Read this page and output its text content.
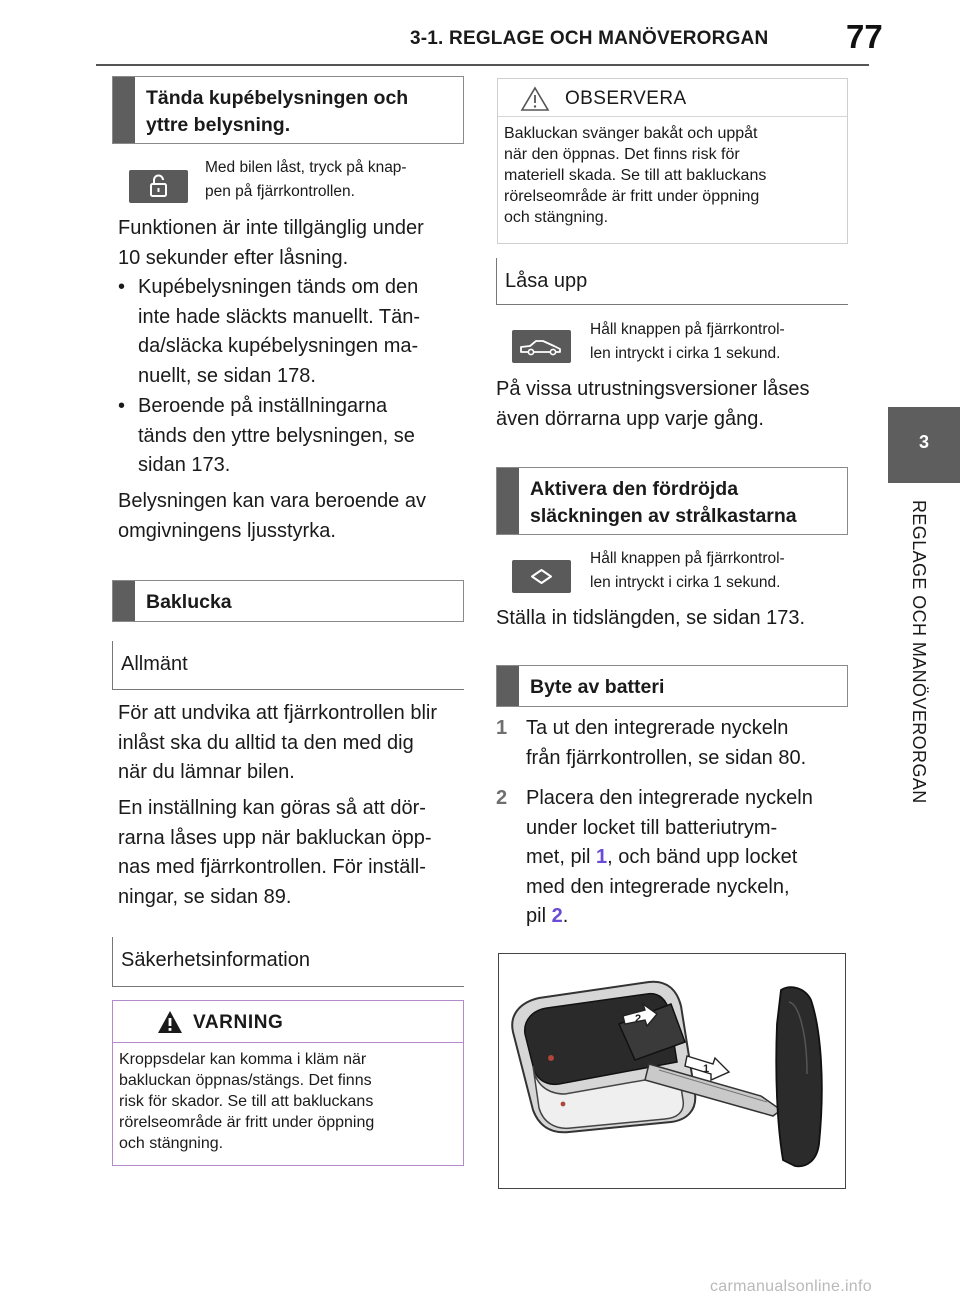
3-1. REGLAGE OCH MANÖVERORGAN 77
3
REGLAGE OCH MANÖVERORGAN
Tända kupébelysningen och yttre belysning.
Med bilen låst, tryck på knap-
pen på fjärrkontrollen.
Funktionen är inte tillgänglig under
10 sekunder efter låsning.
• Kupébelysningen tänds om den
inte hade släckts manuellt. Tän-
da/släcka kupébelysningen ma-
nuellt, se sidan 178.
• Beroende på inställningarna
tänds den yttre belysningen, se
sidan 173.
Belysningen kan vara beroende av
omgivningens ljusstyrka.
Baklucka
Allmänt
För att undvika att fjärrkontrollen blir
inlåst ska du alltid ta den med dig
när du lämnar bilen.
En inställning kan göras så att dör-
rarna låses upp när bakluckan öpp-
nas med fjärrkontrollen. För inställ-
ningar, se sidan 89.
Säkerhetsinformation
VARNING
Kroppsdelar kan komma i kläm när
bakluckan öppnas/stängs. Det finns
risk för skador. Se till att bakluckans
rörelseområde är fritt under öppning
och stängning.
OBSERVERA
Bakluckan svänger bakåt och uppåt
när den öppnas. Det finns risk för
materiell skada. Se till att bakluckans
rörelseområde är fritt under öppning
och stängning.
Låsa upp
Håll knappen på fjärrkontrol-
len intryckt i cirka 1 sekund.
På vissa utrustningsversioner låses
även dörrarna upp varje gång.
Aktivera den fördröjda släckningen av strålkastarna
Håll knappen på fjärrkontrol-
len intryckt i cirka 1 sekund.
Ställa in tidslängden, se sidan 173.
Byte av batteri
1 Ta ut den integrerade nyckeln
från fjärrkontrollen, se sidan 80.
2 Placera den integrerade nyckeln
under locket till batteriutrym-
met, pil 1, och bänd upp locket
med den integrerade nyckeln,
pil 2.
2
1
carmanualsonline.info
